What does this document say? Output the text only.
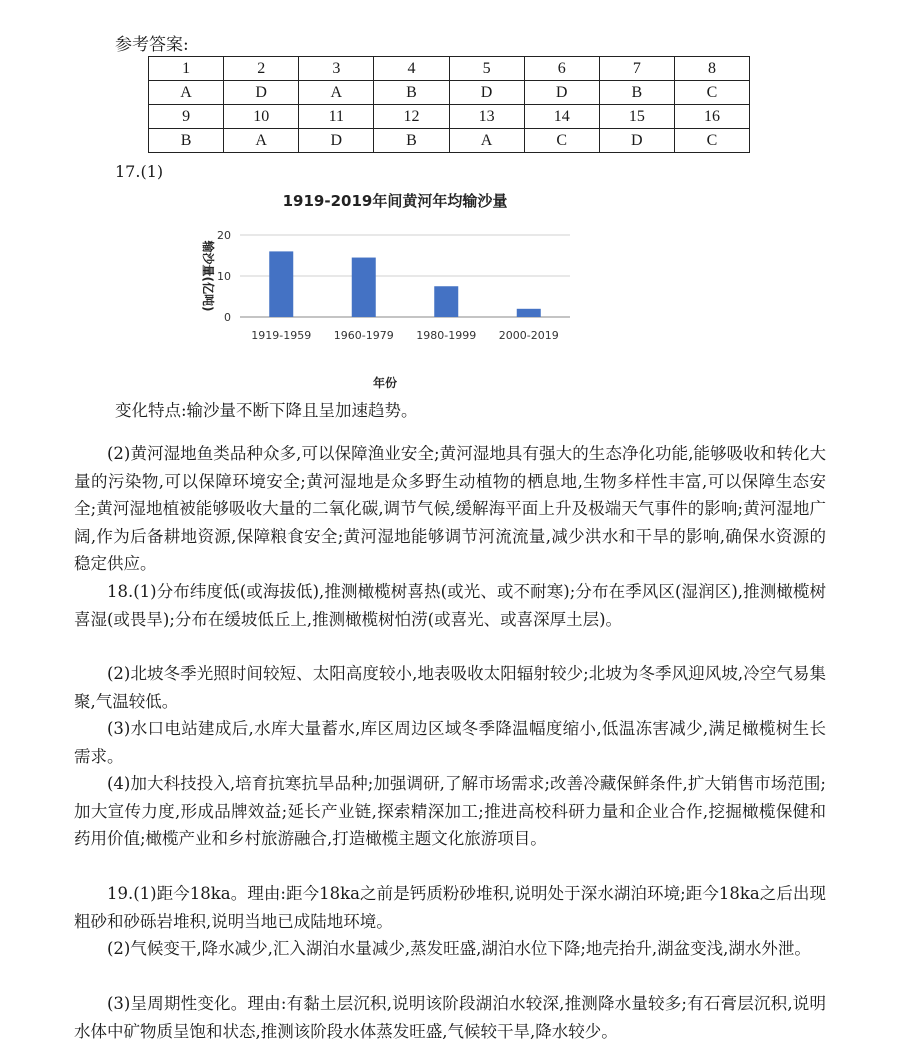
参考答案:
1	2	3	4	5	6	7	8
A	D	A	B	D	D	B	C
9	10	11	12	13	14	15	16
B	A	D	B	A	C	D	C
17.(1)
1919-2019年间黄河年均输沙量
0
10
20
1919-1959 1960-1979 1980-1999 2000-2019
输沙量(亿吨)
年份
变化特点:输沙量不断下降且呈加速趋势。

(2)黄河湿地鱼类品种众多,可以保障渔业安全;黄河湿地具有强大的生态净化功能,能够吸收和转化大量的污染物,可以保障环境安全;黄河湿地是众多野生动植物的栖息地,生物多样性丰富,可以保障生态安全;黄河湿地植被能够吸收大量的二氧化碳,调节气候,缓解海平面上升及极端天气事件的影响;黄河湿地广阔,作为后备耕地资源,保障粮食安全;黄河湿地能够调节河流流量,减少洪水和干旱的影响,确保水资源的稳定供应。

18.(1)分布纬度低(或海拔低),推测橄榄树喜热(或光、或不耐寒);分布在季风区(湿润区),推测橄榄树喜湿(或畏旱);分布在缓坡低丘上,推测橄榄树怕涝(或喜光、或喜深厚土层)。

(2)北坡冬季光照时间较短、太阳高度较小,地表吸收太阳辐射较少;北坡为冬季风迎风坡,冷空气易集聚,气温较低。

(3)水口电站建成后,水库大量蓄水,库区周边区域冬季降温幅度缩小,低温冻害减少,满足橄榄树生长需求。

(4)加大科技投入,培育抗寒抗旱品种;加强调研,了解市场需求;改善冷藏保鲜条件,扩大销售市场范围;加大宣传力度,形成品牌效益;延长产业链,探索精深加工;推进高校科研力量和企业合作,挖掘橄榄保健和药用价值;橄榄产业和乡村旅游融合,打造橄榄主题文化旅游项目。

19.(1)距今18ka。理由:距今18ka之前是钙质粉砂堆积,说明处于深水湖泊环境;距今18ka之后出现粗砂和砂砾岩堆积,说明当地已成陆地环境。

(2)气候变干,降水减少,汇入湖泊水量减少,蒸发旺盛,湖泊水位下降;地壳抬升,湖盆变浅,湖水外泄。

(3)呈周期性变化。理由:有黏土层沉积,说明该阶段湖泊水较深,推测降水量较多;有石膏层沉积,说明水体中矿物质呈饱和状态,推测该阶段水体蒸发旺盛,气候较干旱,降水较少。
